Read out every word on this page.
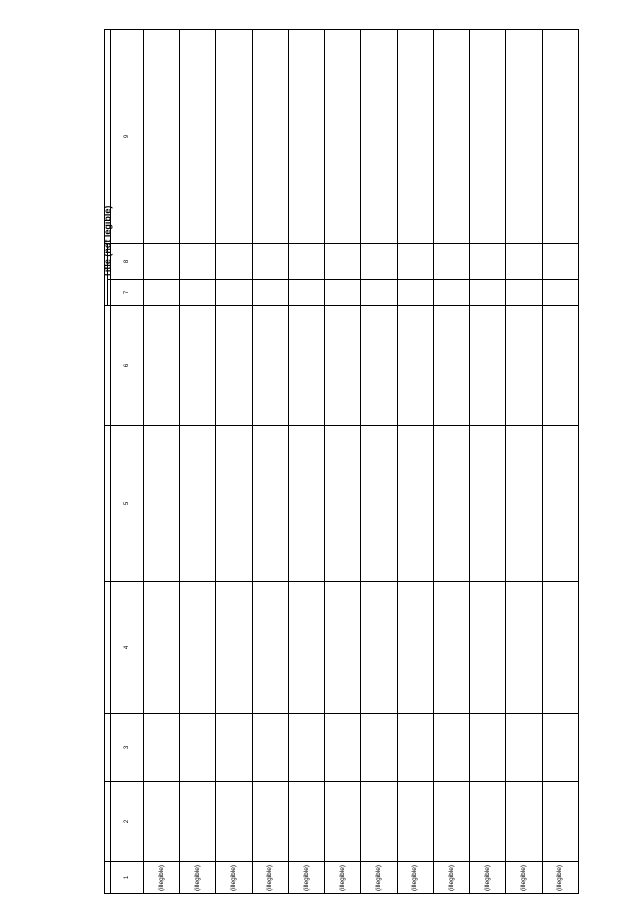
Title (not legible)

1	2	3	4	5	6	7	8	9
(illegible)								
(illegible)								
(illegible)								
(illegible)								
(illegible)								
(illegible)								
(illegible)								
(illegible)								
(illegible)								
(illegible)								
(illegible)								
(illegible)								
